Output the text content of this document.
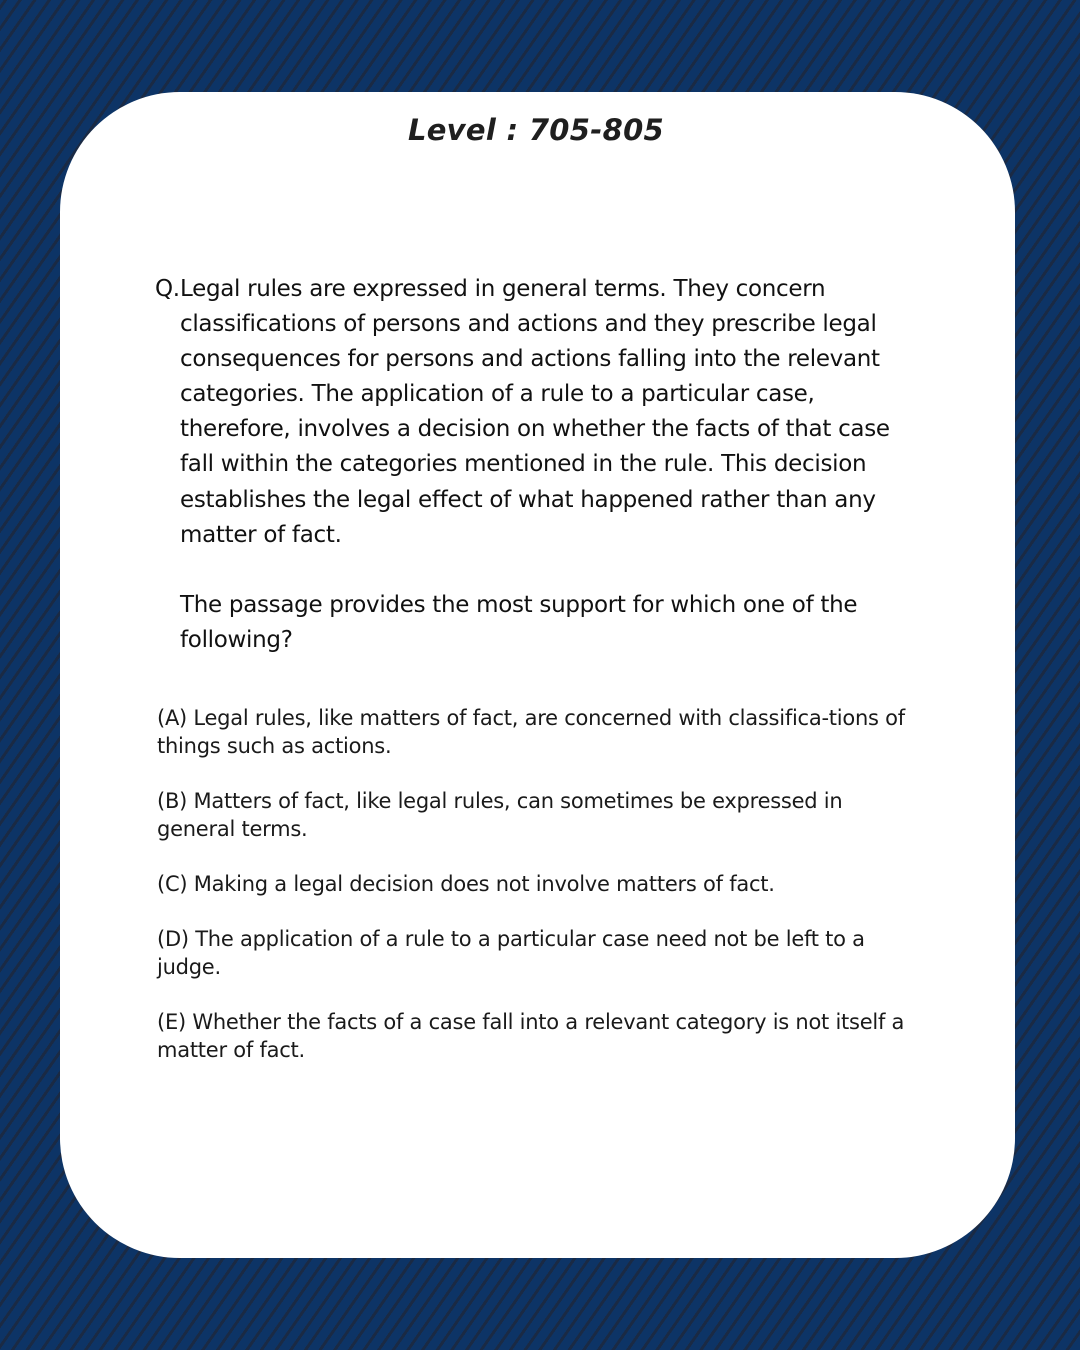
Level : 705-805
Q. Legal rules are expressed in general terms. They concern classifications of persons and actions and they prescribe legal consequences for persons and actions falling into the relevant categories. The application of a rule to a particular case, therefore, involves a decision on whether the facts of that case fall within the categories mentioned in the rule. This decision establishes the legal effect of what happened rather than any matter of fact.

The passage provides the most support for which one of the following?

(A) Legal rules, like matters of fact, are concerned with classifica-tions of things such as actions.

(B) Matters of fact, like legal rules, can sometimes be expressed in general terms.

(C) Making a legal decision does not involve matters of fact.

(D) The application of a rule to a particular case need not be left to a judge.

(E) Whether the facts of a case fall into a relevant category is not itself a matter of fact.
